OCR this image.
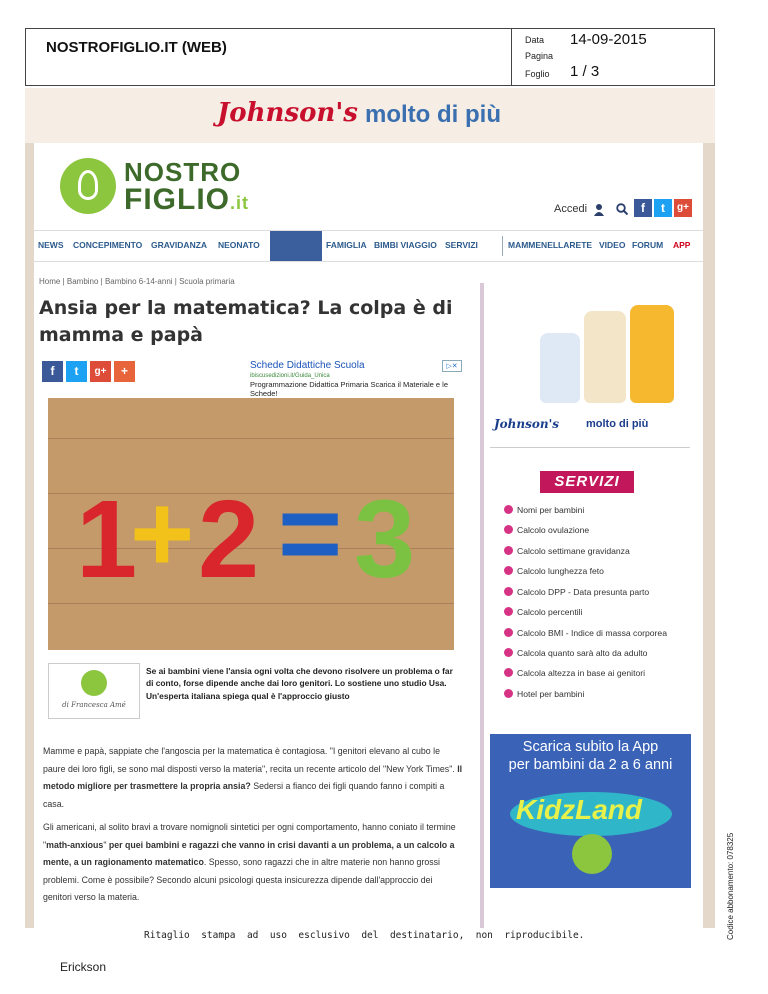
NOSTROFIGLIO.IT (WEB)	Data 14-09-2015
Pagina
Foglio 1 / 3
Johnson's molto di più
NOSTRO
FIGLIO.it	Accedi	f	t	g+
NEWS CONCEPIMENTO GRAVIDANZA NEONATO BAMBINO FAMIGLIA BIMBI VIAGGIO SERVIZI	MAMMENELLARETE VIDEO FORUM APP
Home | Bambino | Bambino 6-14-anni | Scuola primaria
Ansia per la matematica? La colpa è di mamma e papà
f	t	g+	+	Schede Didattiche Scuola
ibiscusedizioni.it/Guida_Unica
Programmazione Didattica Primaria Scarica il Materiale e le Schede!
▷✕
1
+ 2 = 3
di Francesca Amé
Se ai bambini viene l'ansia ogni volta che devono risolvere un problema o far di conto, forse dipende anche dai loro genitori. Lo sostiene uno studio Usa. Un'esperta italiana spiega qual è l'approccio giusto
Mamme e papà, sappiate che l'angoscia per la matematica è contagiosa. "I genitori elevano al cubo le paure dei loro figli, se sono mal disposti verso la materia", recita un recente articolo del "New York Times". Il metodo migliore per trasmettere la propria ansia? Sedersi a fianco dei figli quando fanno i compiti a casa.
Gli americani, al solito bravi a trovare nomignoli sintetici per ogni comportamento, hanno coniato il termine "math-anxious" per quei bambini e ragazzi che vanno in crisi davanti a un problema, a un calcolo a mente, a un ragionamento matematico. Spesso, sono ragazzi che in altre materie non hanno grossi problemi. Come è possibile? Secondo alcuni psicologi questa insicurezza dipende dall'approccio dei genitori verso la materia.
Johnson's molto di più
SERVIZI
Nomi per bambini
Calcolo ovulazione
Calcolo settimane gravidanza
Calcolo lunghezza feto
Calcolo DPP - Data presunta parto
Calcolo percentili
Calcolo BMI - Indice di massa corporea
Calcola quanto sarà alto da adulto
Calcola altezza in base ai genitori
Hotel per bambini
Scarica subito la App
per bambini da 2 a 6 anni
KidzLand
Ritaglio  stampa  ad  uso  esclusivo  del  destinatario,  non  riproducibile.
Erickson
Codice abbonamento: 078325
